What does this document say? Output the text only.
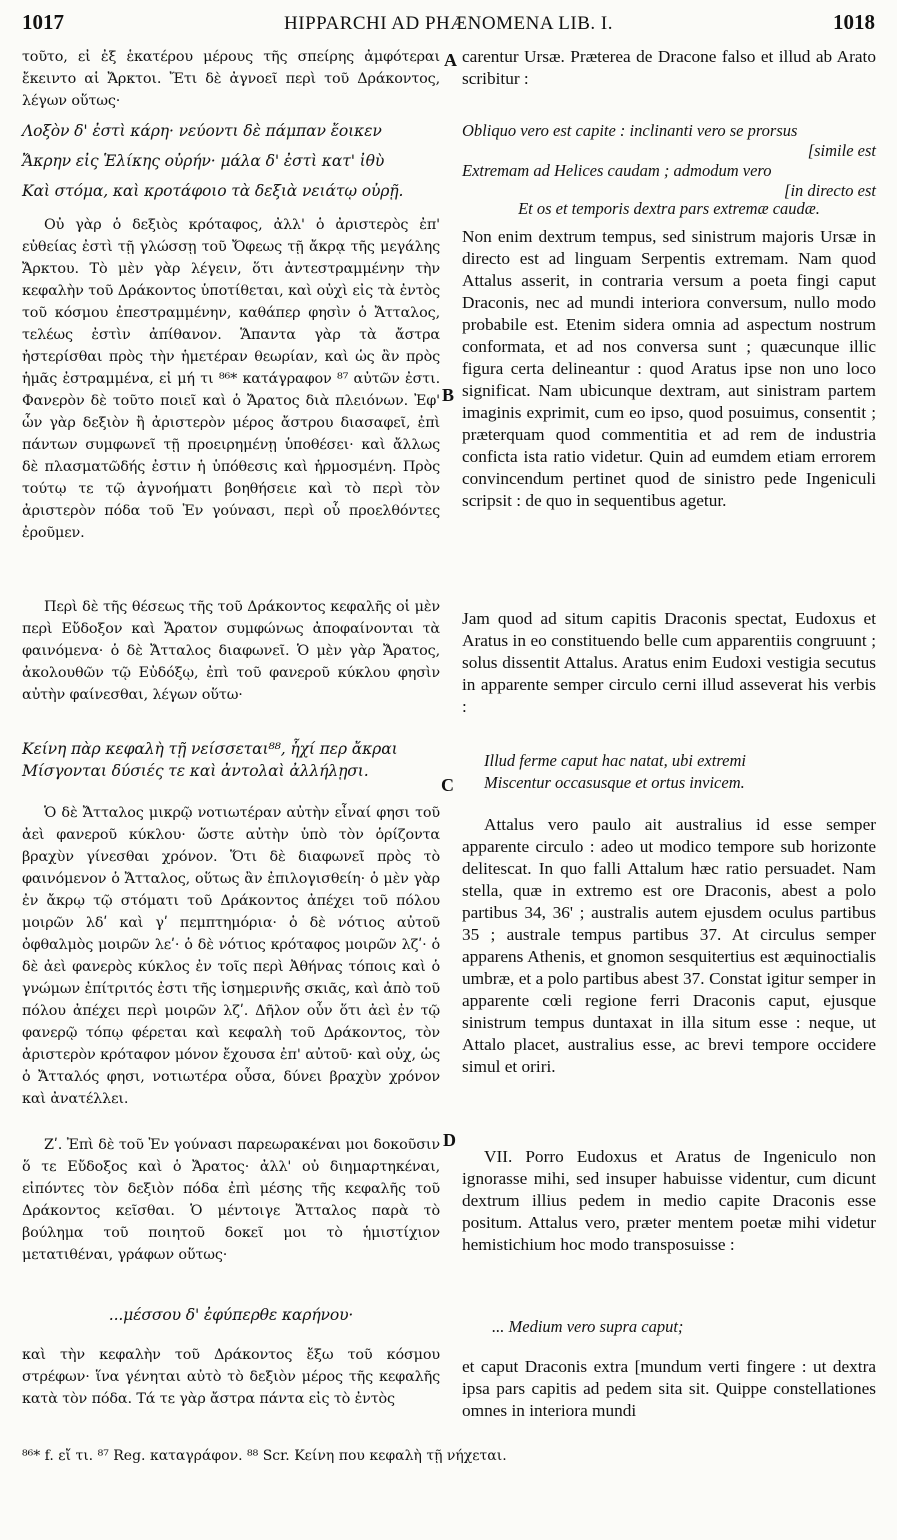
1017	HIPPARCHI AD PHÆNOMENA LIB. I.	1018

τοῦτο, εἰ ἐξ ἑκατέρου μέρους τῆς σπείρης ἀμφότεραι ἔκειντο αἱ Ἄρκτοι. Ἔτι δὲ ἀγνοεῖ περὶ τοῦ Δράκοντος, λέγων οὕτως·

Λοξὸν δ' ἐστὶ κάρη· νεύοντι δὲ πάμπαν ἔοικεν

Ἄκρην εἰς Ἑλίκης οὐρήν· μάλα δ' ἐστὶ κατ' ἰθὺ

Καὶ στόμα, καὶ κροτάφοιο τὰ δεξιὰ νειάτῳ οὐρῇ.

Οὐ γὰρ ὁ δεξιὸς κρόταφος, ἀλλ' ὁ ἀριστερὸς ἐπ' εὐθείας ἐστὶ τῇ γλώσσῃ τοῦ Ὄφεως τῇ ἄκρᾳ τῆς μεγάλης Ἄρκτου. Τὸ μὲν γὰρ λέγειν, ὅτι ἀντεστραμμένην τὴν κεφαλὴν τοῦ Δράκοντος ὑποτίθεται, καὶ οὐχὶ εἰς τὰ ἐντὸς τοῦ κόσμου ἐπεστραμμένην, καθάπερ φησὶν ὁ Ἄτταλος, τελέως ἐστὶν ἀπίθανον. Ἅπαντα γὰρ τὰ ἄστρα ἠστερίσθαι πρὸς τὴν ἡμετέραν θεωρίαν, καὶ ὡς ἂν πρὸς ἡμᾶς ἐστραμμένα, εἰ μή τι ⁸⁶* κατάγραφον ⁸⁷ αὐτῶν ἐστι. Φανερὸν δὲ τοῦτο ποιεῖ καὶ ὁ Ἄρατος διὰ πλειόνων. Ἐφ' ὧν γὰρ δεξιὸν ἢ ἀριστερὸν μέρος ἄστρου διασαφεῖ, ἐπὶ πάντων συμφωνεῖ τῇ προειρημένῃ ὑποθέσει· καὶ ἄλλως δὲ πλασματῶδής ἐστιν ἡ ὑπόθεσις καὶ ἡρμοσμένη. Πρὸς τούτῳ τε τῷ ἀγνοήματι βοηθήσειε καὶ τὸ περὶ τὸν ἀριστερὸν πόδα τοῦ Ἐν γούνασι, περὶ οὗ προελθόντες ἐροῦμεν.

Περὶ δὲ τῆς θέσεως τῆς τοῦ Δράκοντος κεφαλῆς οἱ μὲν περὶ Εὔδοξον καὶ Ἄρατον συμφώνως ἀποφαίνονται τὰ φαινόμενα· ὁ δὲ Ἄτταλος διαφωνεῖ. Ὁ μὲν γὰρ Ἄρατος, ἀκολουθῶν τῷ Εὐδόξῳ, ἐπὶ τοῦ φανεροῦ κύκλου φησὶν αὐτὴν φαίνεσθαι, λέγων οὕτω·

Κείνη πὰρ κεφαλὴ τῇ νείσσεται⁸⁸, ἧχί περ ἄκραι

Μίσγονται δύσιές τε καὶ ἀντολαὶ ἀλλήλῃσι.

Ὁ δὲ Ἄτταλος μικρῷ νοτιωτέραν αὐτὴν εἶναί φησι τοῦ ἀεὶ φανεροῦ κύκλου· ὥστε αὐτὴν ὑπὸ τὸν ὁρίζοντα βραχὺν γίνεσθαι χρόνον. Ὅτι δὲ διαφωνεῖ πρὸς τὸ φαινόμενον ὁ Ἄτταλος, οὕτως ἂν ἐπιλογισθείη· ὁ μὲν γὰρ ἐν ἄκρῳ τῷ στόματι τοῦ Δράκοντος ἀπέχει τοῦ πόλου μοιρῶν λδʹ καὶ γʹ πεμπτημόρια· ὁ δὲ νότιος αὐτοῦ ὀφθαλμὸς μοιρῶν λεʹ· ὁ δὲ νότιος κρόταφος μοιρῶν λζʹ· ὁ δὲ ἀεὶ φανερὸς κύκλος ἐν τοῖς περὶ Ἀθήνας τόποις καὶ ὁ γνώμων ἐπίτριτός ἐστι τῆς ἰσημερινῆς σκιᾶς, καὶ ἀπὸ τοῦ πόλου ἀπέχει περὶ μοιρῶν λζʹ. Δῆλον οὖν ὅτι ἀεὶ ἐν τῷ φανερῷ τόπῳ φέρεται καὶ κεφαλὴ τοῦ Δράκοντος, τὸν ἀριστερὸν κρόταφον μόνον ἔχουσα ἐπ' αὐτοῦ· καὶ οὐχ, ὡς ὁ Ἄτταλός φησι, νοτιωτέρα οὖσα, δύνει βραχὺν χρόνον καὶ ἀνατέλλει.

Ζʹ. Ἐπὶ δὲ τοῦ Ἐν γούνασι παρεωρακέναι μοι δοκοῦσιν ὅ τε Εὔδοξος καὶ ὁ Ἄρατος· ἀλλ' οὐ διημαρτηκέναι, εἰπόντες τὸν δεξιὸν πόδα ἐπὶ μέσης τῆς κεφαλῆς τοῦ Δράκοντος κεῖσθαι. Ὁ μέντοιγε Ἄτταλος παρὰ τὸ βούλημα τοῦ ποιητοῦ δοκεῖ μοι τὸ ἡμιστίχιον μετατιθέναι, γράφων οὕτως·

...μέσσου δ' ἐφύπερθε καρήνου·

καὶ τὴν κεφαλὴν τοῦ Δράκοντος ἔξω τοῦ κόσμου στρέφων· ἵνα γένηται αὐτὸ τὸ δεξιὸν μέρος τῆς κεφαλῆς κατὰ τὸν πόδα. Τά τε γὰρ ἄστρα πάντα εἰς τὸ ἐντὸς

carentur Ursæ. Præterea de Dracone falso et illud ab Arato scribitur :

Obliquo vero est capite : inclinanti vero se prorsus

[simile est

Extremam ad Helices caudam ; admodum vero

[in directo est

Et os et temporis dextra pars extremæ caudæ.

Non enim dextrum tempus, sed sinistrum majoris Ursæ in directo est ad linguam Serpentis extremam. Nam quod Attalus asserit, in contraria versum a poeta fingi caput Draconis, nec ad mundi interiora conversum, nullo modo probabile est. Etenim sidera omnia ad aspectum nostrum conformata, et ad nos conversa sunt ; quæcunque illic figura certa delineantur : quod Aratus ipse non uno loco significat. Nam ubicunque dextram, aut sinistram partem imaginis exprimit, cum eo ipso, quod posuimus, consentit ; præterquam quod commentitia et ad rem de industria conficta ista ratio videtur. Quin ad eumdem etiam errorem convincendum pertinet quod de sinistro pede Ingeniculi scripsit : de quo in sequentibus agetur.

Jam quod ad situm capitis Draconis spectat, Eudoxus et Aratus in eo constituendo belle cum apparentiis congruunt ; solus dissentit Attalus. Aratus enim Eudoxi vestigia secutus in apparente semper circulo cerni illud asseverat his verbis :

Illud ferme caput hac natat, ubi extremi

Miscentur occasusque et ortus invicem.

Attalus vero paulo ait australius id esse semper apparente circulo : adeo ut modico tempore sub horizonte delitescat. In quo falli Attalum hæc ratio persuadet. Nam stella, quæ in extremo est ore Draconis, abest a polo partibus 34, 36' ; australis autem ejusdem oculus partibus 35 ; australe tempus partibus 37. At circulus semper apparens Athenis, et gnomon sesquitertius est æquinoctialis umbræ, et a polo partibus abest 37. Constat igitur semper in apparente cœli regione ferri Draconis caput, ejusque sinistrum tempus duntaxat in illa situm esse : neque, ut Attalo placet, australius esse, ac brevi tempore occidere simul et oriri.

VII. Porro Eudoxus et Aratus de Ingeniculo non ignorasse mihi, sed insuper habuisse videntur, cum dicunt dextrum illius pedem in medio capite Draconis esse positum. Attalus vero, præter mentem poetæ mihi videtur hemistichium hoc modo transposuisse :

... Medium vero supra caput;

et caput Draconis extra [mundum verti fingere : ut dextra ipsa pars capitis ad pedem sita sit. Quippe constellationes omnes in interiora mundi

A
B
C
D
⁸⁶* f. εἴ τι. ⁸⁷ Reg. καταγράφον. ⁸⁸ Scr. Κείνη που κεφαλὴ τῇ νήχεται.
